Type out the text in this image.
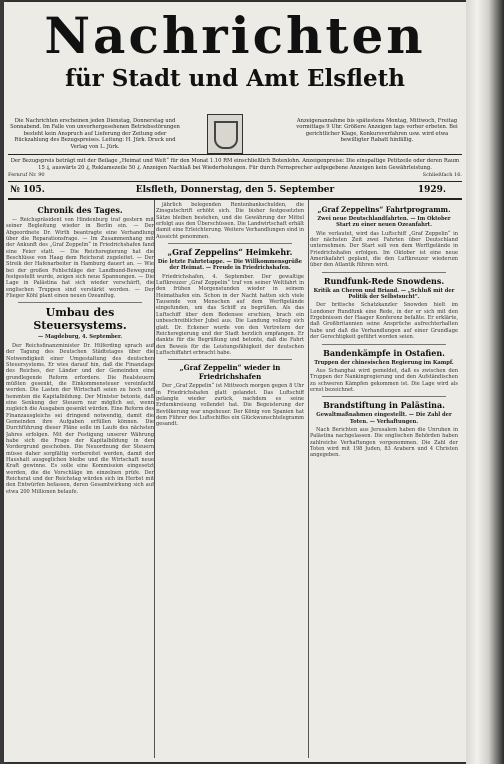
Nachrichten
für Stadt und Amt Elsfleth
Die Nachrichten erscheinen jeden Dienstag, Donnerstag und Sonnabend. Im Falle von unvorhergesehenen Betriebsstörungen besteht kein Anspruch auf Lieferung der Zeitung oder Rückzahlung des Bezugspreises. Leitung: H. Jürk. Druck und Verlag von L. Jürk.
Anzeigenannahme bis spätestens Montag, Mittwoch, Freitag vormittags 9 Uhr. Größere Anzeigen tags vorher erbeten. Bei gerichtlicher Klage, Konkursverfahren usw. wird etwa bewilligter Rabatt hinfällig.
Der Bezugspreis beträgt mit der Beilage „Heimat und Welt“ für den Monat 1.10 RM einschließlich Botenlohn. Anzeigenpreise: Die einspaltige Petitzeile oder deren Raum 15 ₰, auswärts 20 ₰, Reklamezeile 50 ₰. Anzeigen Nachlaß bei Wiederholungen. Für durch Fernsprecher aufgegebene Anzeigen kein Gewährleistung.
Fernruf Nr. 90	Schließfach 16.
№ 105.	Elsfleth, Donnerstag, den 5. September	1929.
Chronik des Tages.

— Reichspräsident von Hindenburg traf gestern mit seiner Begleitung wieder in Berlin ein. — Der Abgeordnete Dr. Wirth beantragte eine Verhandlung über die Reparationsfrage. — Im Zusammenhang mit der Ankunft des „Graf Zeppelin“ in Friedrichshafen fand eine Feier statt. — Die Reichsregierung hat die Beschlüsse von Haag dem Reichsrat zugeleitet. — Der Streik der Hafenarbeiter in Hamburg dauert an. — Wie bei der großen Fehlschläge der Landbund-Bewegung festgestellt wurde, zeigen sich neue Spannungen. — Die Lage in Palästina hat sich wieder verschärft, die englischen Truppen sind verstärkt worden. — Der Flieger Köhl plant einen neuen Ozeanflug.

Umbau des Steuersystems.
— Magdeburg, 4. September.

Der Reichsfinanzminister Dr. Hilferding sprach auf der Tagung des Deutschen Städtetages über die Notwendigkeit einer Umgestaltung des deutschen Steuersystems. Er wies darauf hin, daß die Finanzlage des Reiches, der Länder und der Gemeinden eine grundlegende Reform erfordere. Die Realsteuern müßten gesenkt, die Einkommensteuer vereinfacht werden. Die Lasten der Wirtschaft seien zu hoch und hemmten die Kapitalbildung. Der Minister betonte, daß eine Senkung der Steuern nur möglich sei, wenn zugleich die Ausgaben gesenkt würden. Eine Reform des Finanzausgleichs sei dringend notwendig, damit die Gemeinden ihre Aufgaben erfüllen können. Die Durchführung dieser Pläne solle im Laufe des nächsten Jahres erfolgen. Mit der Festigung unserer Währung habe sich die Frage der Kapitalbildung in den Vordergrund geschoben. Die Neuordnung der Steuern müsse daher sorgfältig vorbereitet werden, damit der Haushalt ausgeglichen bleibe und die Wirtschaft neue Kraft gewinne. Es solle eine Kommission eingesetzt werden, die die Vorschläge im einzelnen prüfe. Der Reichsrat und der Reichstag würden sich im Herbst mit den Entwürfen befassen, deren Gesamtwirkung sich auf etwa 200 Millionen belaufe.

jährlich belegenden Rentenbankschulden, die Zinsgutschrift erhöht sich. Die bisher festgesetzten Sätze bleiben bestehen, und die Gewährung der Mittel erfolgt aus den Überschüssen. Die Landwirtschaft erhält damit eine Erleichterung. Weitere Verhandlungen sind in Aussicht genommen.

„Graf Zeppelins“ Heimkehr.
Die letzte Fahrtetappe. — Die Willkommensgrüße der Heimat. — Freude in Friedrichshafen.

Friedrichshafen, 4. September. Der gewaltige Luftkreuzer „Graf Zeppelin“ traf von seiner Weltfahrt in den frühen Morgenstunden wieder in seinem Heimathafen ein. Schon in der Nacht hatten sich viele Tausende von Menschen auf dem Werftgelände eingefunden, um das Schiff zu begrüßen. Als das Luftschiff über dem Bodensee erschien, brach ein unbeschreiblicher Jubel aus. Die Landung vollzog sich glatt. Dr. Eckener wurde von den Vertretern der Reichsregierung und der Stadt herzlich empfangen. Er dankte für die Begrüßung und betonte, daß die Fahrt den Beweis für die Leistungsfähigkeit der deutschen Luftschiffahrt erbracht habe.

„Graf Zeppelin“ wieder in Friedrichshafen

Der „Graf Zeppelin“ ist Mittwoch morgen gegen 8 Uhr in Friedrichshafen glatt gelandet. Das Luftschiff gelangte wieder zurück, nachdem es seine Erdumkreisung vollendet hat. Die Begeisterung der Bevölkerung war ungeheuer. Der König von Spanien hat dem Führer des Luftschiffes ein Glückwunschtelegramm gesandt.

„Graf Zeppelins“ Fahrtprogramm.
Zwei neue Deutschlandfahrten. — Im Oktober Start zu einer neuen Ozeanfahrt.

Wie verlautet, wird das Luftschiff „Graf Zeppelin“ in der nächsten Zeit zwei Fahrten über Deutschland unternehmen. Der Start soll von dem Werftgelände in Friedrichshafen erfolgen. Im Oktober ist eine neue Amerikafahrt geplant, die den Luftkreuzer wiederum über den Atlantik führen wird.

Rundfunk-Rede Snowdens.
Kritik an Cheron und Briand. — „Schluß mit der Politik der Selbstsucht“.

Der britische Schatzkanzler Snowden hielt im Londoner Rundfunk eine Rede, in der er sich mit den Ergebnissen der Haager Konferenz befaßte. Er erklärte, daß Großbritannien seine Ansprüche aufrechterhalten habe und daß die Verhandlungen auf einer Grundlage der Gerechtigkeit geführt worden seien.

Bandenkämpfe in Ostafien.
Truppen der chinesischen Regierung im Kampf.

Aus Schanghai wird gemeldet, daß es zwischen den Truppen der Nankingregierung und den Aufständischen zu schweren Kämpfen gekommen ist. Die Lage wird als ernst bezeichnet.

Brandstiftung in Palästina.
Gewaltmaßnahmen eingestellt. — Die Zahl der Toten. — Verhaftungen.

Nach Berichten aus Jerusalem haben die Unruhen in Palästina nachgelassen. Die englischen Behörden haben zahlreiche Verhaftungen vorgenommen. Die Zahl der Toten wird mit 198 Juden, 83 Arabern und 4 Christen angegeben.
